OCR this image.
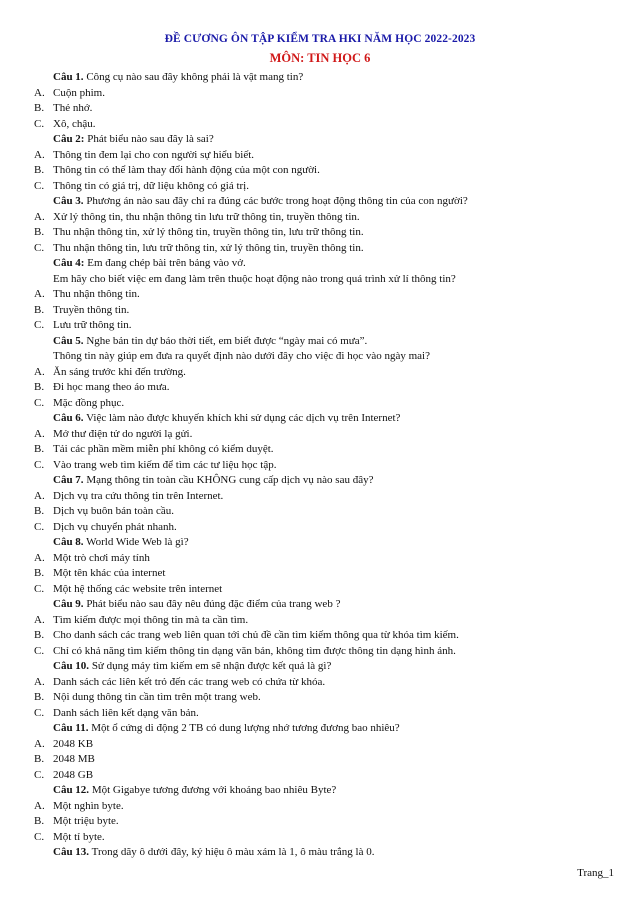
ĐỀ CƯƠNG ÔN TẬP KIỂM TRA HKI NĂM HỌC 2022-2023
MÔN: TIN HỌC 6
Câu 1. Công cụ nào sau đây không phải là vật mang tin?
A. Cuộn phim.
B. Thẻ nhớ.
C. Xô, chậu.
Câu 2: Phát biểu nào sau đây là sai?
A. Thông tin đem lại cho con người sự hiểu biết.
B. Thông tin có thể làm thay đổi hành động của một con người.
C. Thông tin có giá trị, dữ liệu không có giá trị.
Câu 3. Phương án nào sau đây chỉ ra đúng các bước trong hoạt động thông tin của con người?
A. Xử lý thông tin, thu nhận thông tin lưu trữ thông tin, truyền thông tin.
B. Thu nhận thông tin, xử lý thông tin, truyền thông tin, lưu trữ thông tin.
C. Thu nhận thông tin, lưu trữ thông tin, xử lý thông tin, truyền thông tin.
Câu 4: Em đang chép bài trên bảng vào vở.
Em hãy cho biết việc em đang làm trên thuộc hoạt động nào trong quá trình xử lí thông tin?
A. Thu nhận thông tin.
B. Truyền thông tin.
C. Lưu trữ thông tin.
Câu 5. Nghe bản tin dự báo thời tiết, em biết được “ngày mai có mưa”.
Thông tin này giúp em đưa ra quyết định nào dưới đây cho việc đi học vào ngày mai?
A. Ăn sáng trước khi đến trường.
B. Đi học mang theo áo mưa.
C. Mặc đồng phục.
Câu 6. Việc làm nào được khuyến khích khi sử dụng các dịch vụ trên Internet?
A. Mở thư điện tử do người lạ gửi.
B. Tải các phần mềm miễn phí không có kiểm duyệt.
C. Vào trang web tìm kiếm để tìm các tư liệu học tập.
Câu 7. Mạng thông tin toàn cầu KHÔNG cung cấp dịch vụ nào sau đây?
A. Dịch vụ tra cứu thông tin trên Internet.
B. Dịch vụ buôn bán toàn cầu.
C. Dịch vụ chuyển phát nhanh.
Câu 8. World Wide Web là gì?
A. Một trò chơi máy tính
B. Một tên khác của internet
C. Một hệ thống các website trên internet
Câu 9. Phát biểu nào sau đây nêu đúng đặc điểm của trang web ?
A. Tìm kiếm được mọi thông tin mà ta cần tìm.
B. Cho danh sách các trang web liên quan tới chủ đề cần tìm kiếm thông qua từ khóa tìm kiếm.
C. Chỉ có khả năng tìm kiếm thông tin dạng văn bản, không tìm được thông tin dạng hình ảnh.
Câu 10. Sử dụng máy tìm kiếm em sẽ nhận được kết quả là gì?
A. Danh sách các liên kết trỏ đến các trang web có chứa từ khóa.
B. Nội dung thông tin cần tìm trên một trang web.
C. Danh sách liên kết dạng văn bản.
Câu 11. Một ổ cứng di động 2 TB có dung lượng nhớ tương đương bao nhiêu?
A. 2048 KB
B. 2048 MB
C. 2048 GB
Câu 12. Một Gigabye tương đương với khoảng bao nhiêu Byte?
A. Một nghìn byte.
B. Một triệu byte.
C. Một tỉ byte.
Câu 13. Trong dãy ô dưới đây, ký hiệu ô màu xám là 1, ô màu trắng là 0.
Trang_1
